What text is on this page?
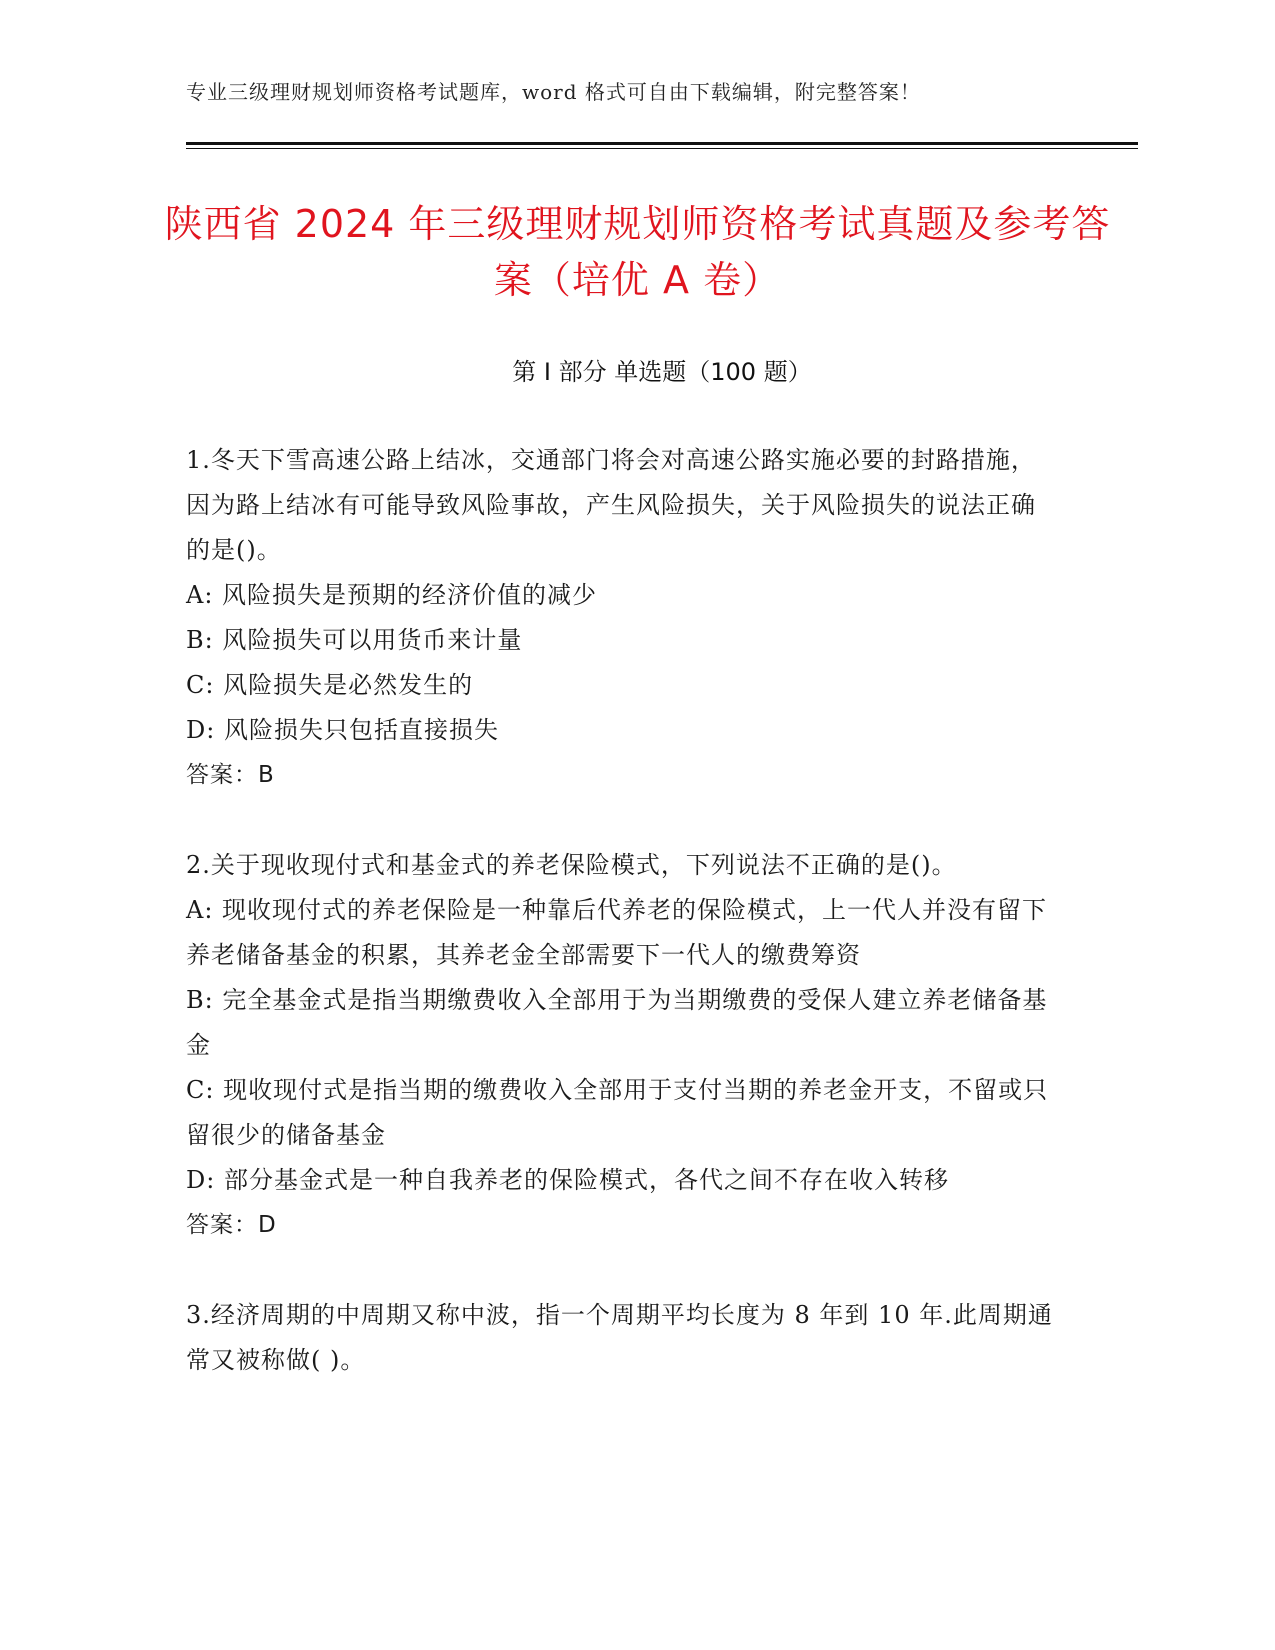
专业三级理财规划师资格考试题库，word 格式可自由下载编辑，附完整答案！
陕西省 2024 年三级理财规划师资格考试真题及参考答案（培优 A 卷）
第 I 部分 单选题（100 题）

1.冬天下雪高速公路上结冰，交通部门将会对高速公路实施必要的封路措施，因为路上结冰有可能导致风险事故，产生风险损失，关于风险损失的说法正确的是()。

A: 风险损失是预期的经济价值的减少

B: 风险损失可以用货币来计量

C: 风险损失是必然发生的

D: 风险损失只包括直接损失

答案：B

2.关于现收现付式和基金式的养老保险模式，下列说法不正确的是()。

A: 现收现付式的养老保险是一种靠后代养老的保险模式，上一代人并没有留下养老储备基金的积累，其养老金全部需要下一代人的缴费筹资

B: 完全基金式是指当期缴费收入全部用于为当期缴费的受保人建立养老储备基金

C: 现收现付式是指当期的缴费收入全部用于支付当期的养老金开支，不留或只留很少的储备基金

D: 部分基金式是一种自我养老的保险模式，各代之间不存在收入转移

答案：D

3.经济周期的中周期又称中波，指一个周期平均长度为 8 年到 10 年.此周期通常又被称做( )。
